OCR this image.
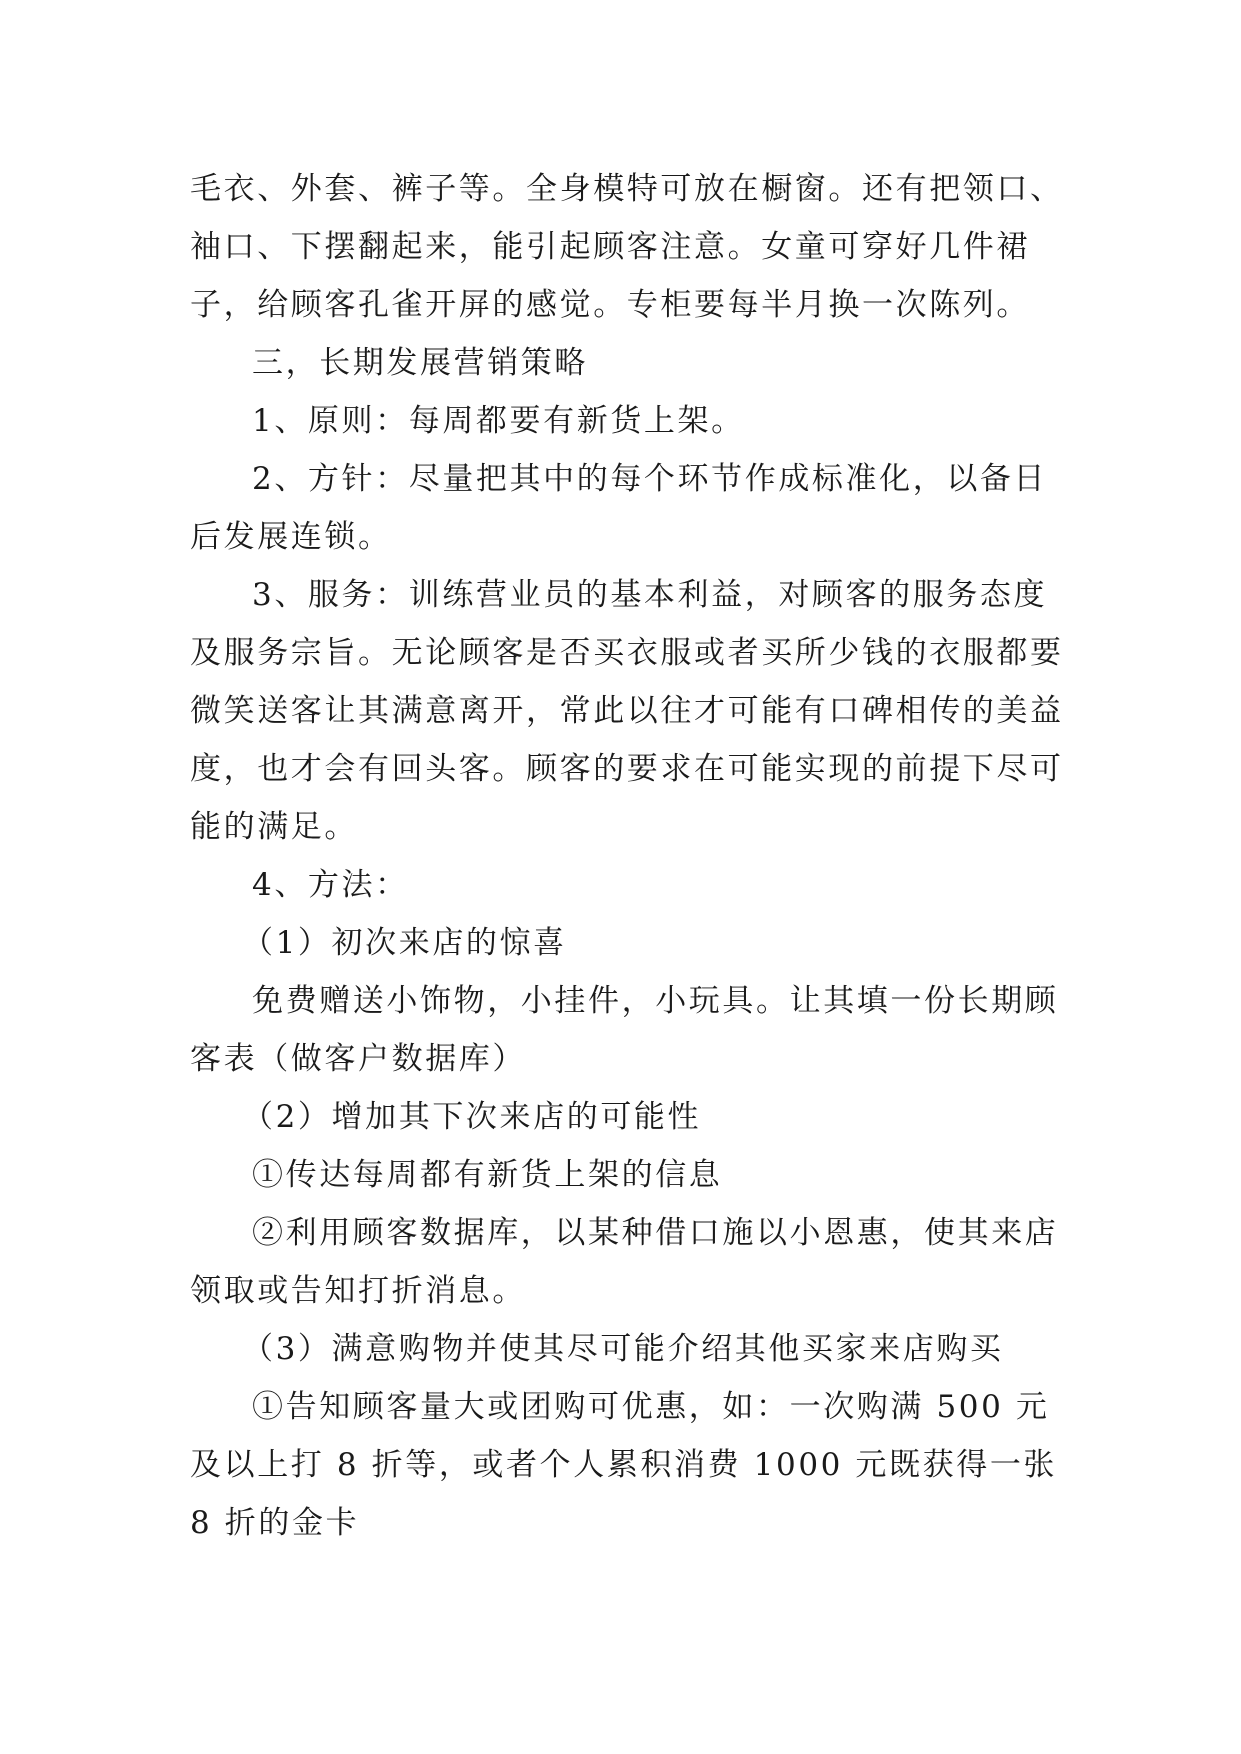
毛衣、外套、裤子等。全身模特可放在橱窗。还有把领口、袖口、下摆翻起来，能引起顾客注意。女童可穿好几件裙子，给顾客孔雀开屏的感觉。专柜要每半月换一次陈列。

三，长期发展营销策略

1、原则：每周都要有新货上架。

2、方针：尽量把其中的每个环节作成标准化，以备日后发展连锁。

3、服务：训练营业员的基本利益，对顾客的服务态度及服务宗旨。无论顾客是否买衣服或者买所少钱的衣服都要微笑送客让其满意离开，常此以往才可能有口碑相传的美益度，也才会有回头客。顾客的要求在可能实现的前提下尽可能的满足。

4、方法：

（1）初次来店的惊喜

免费赠送小饰物，小挂件，小玩具。让其填一份长期顾客表（做客户数据库）

（2）增加其下次来店的可能性

①传达每周都有新货上架的信息

②利用顾客数据库，以某种借口施以小恩惠，使其来店领取或告知打折消息。

（3）满意购物并使其尽可能介绍其他买家来店购买

①告知顾客量大或团购可优惠，如：一次购满 500 元及以上打 8 折等，或者个人累积消费 1000 元既获得一张 8 折的金卡
